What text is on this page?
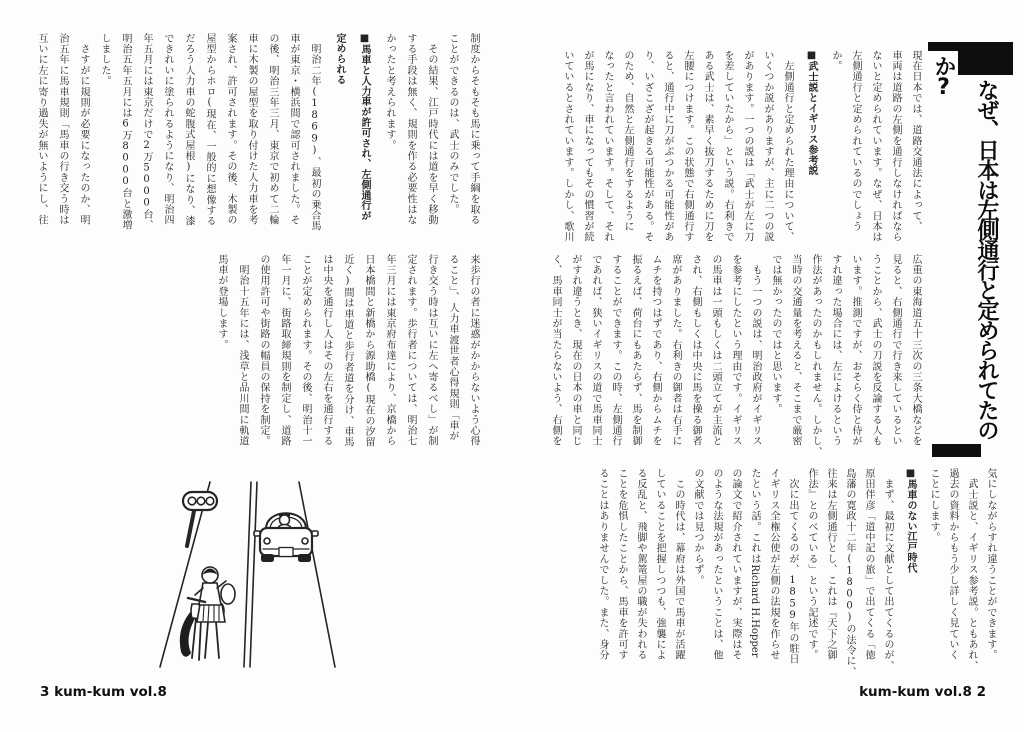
なぜ、日本は左側通行と定められてたの
か?
現在日本では、道路交通法によって、
車両は道路の左側を通行しなければなら
ないと定められています。なぜ、日本は
左側通行と定められているのでしょう
か。
■武士説とイギリス参考説
　左側通行と定められた理由について、
いくつか説がありますが、主に二つの説
があります。一つの説は「武士が左に刀
を差していたから」という説。右利きで
ある武士は、素早く抜刀するために刀を
左腰につけます。この状態で右側通行す
ると、通行中に刀がぶつかる可能性があ
り、いざこざが起きる可能性がある。そ
のため、自然と左側通行をするように
なったと言われています。そして、それ
が馬になり、車になってもその慣習が続
いているとされています。しかし、歌川
広重の東海道五十三次の三条大橋などを
見ると、右側通行で行き来しているとい
うことから、武士の刀説を反論する人も
います。推測ですが、おそらく侍と侍が
すれ違った場合には、左によけるという
作法があったのかもしれません。しかし、
当時の交通量を考えると、そこまで厳密
では無かったのではと思います。
　もう一つの説は、明治政府がイギリス
を参考にしたという理由です。イギリス
の馬車は一頭もしくは二頭立てが主流と
され、右側もしくは中央に馬を操る御者
席がありました。右利きの御者は右手に
ムチを持つはずであり、右側からムチを
振るえば、荷台にもあたらず、馬を制御
することができます。この時、左側通行
であれば、狭いイギリスの道で馬車同士
がすれ違うとき、現在の日本の車と同じ
く、馬車同士が当たらないよう、右側を
気にしながらすれ違うことができます。
　武士説と、イギリス参考説。ともあれ、
過去の資料からもう少し詳しく見ていく
ことにします。
■馬車のない江戸時代
　まず、最初に文献として出てくるのが、
原田伴彦「道中記の旅」で出てくる「徳
島藩の寛政十二年(1800)の法令に、
往来は左側通行とし、これは『天下之御
作法』とのべている」という記述です。
　次に出てくるのが、1859年の駐日
イギリス全権公使が左側の法規を作らせ
たという話。これはRichard H.Hopper
の論文で紹介されていますが、実際はそ
のような法規があったということは、他
の文献では見つからず。
　この時代は、幕府は外国で馬車が活躍
していることを把握しつつも、強襲によ
る反乱と、飛脚や駕篭屋の職が失われる
ことを危惧したことから、馬車を許可す
ることはありませんでした。また、身分
kum-kum vol.8 2
制度からそもそも馬に乗って手綱を取る
ことができるのは、武士のみでした。
　その結果、江戸時代には道を早く移動
する手段は無く、規則を作る必要性はな
かったと考えられます。
■馬車と人力車が許可され、左側通行が
定められる
　明治二年(1869)、最初の乗合馬
車が東京・横浜間で認可されました。そ
の後、明治三年三月、東京で初めて二輪
車に木製の屋型を取り付けた人力車を考
案され、許可されます。その後、木製の
屋型からホロ(現在、一般的に想像する
だろう人力車の蛇腹式屋根)になり、漆
できれいに塗られるようになり、明治四
年五月には東京だけで2万5000台、
明治五年五月には6万8000台と激増
しました。
　さすがに規則が必要になったのか、明
治五年に馬車規則「馬車の行き交う時は
互いに左に寄り過失が無いようにし、往
来歩行の者に迷惑がかからないよう心得
ること」、人力車渡世者心得規則「車が
行き交う時は互いに左へ寄るべし」が制
定されます。歩行者については、明治七
年三月には東京府布達により、京橋から
日本橋間と新橋から源助橋(現在の汐留
近く)間は車道と歩行者道を分け、車馬
は中央を通行し人はその左右を通行する
ことが定められます。その後、明治十一
年一月に、街路取締規則を制定し、道路
の使用許可や街路の幅員の保持を制定。
　明治十五年には、浅草と品川間に軌道
馬車が登場します。
3 kum-kum vol.8
